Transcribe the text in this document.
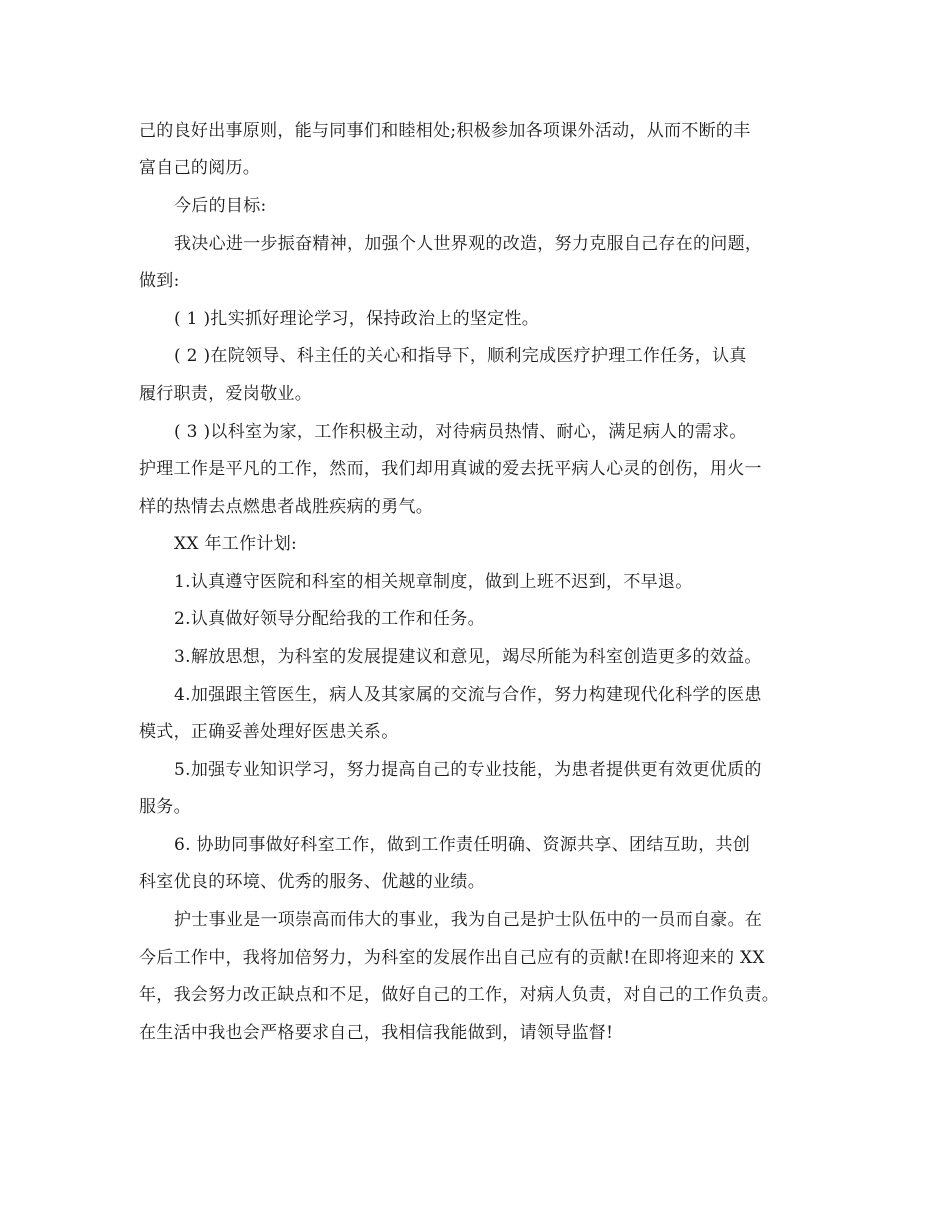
己的良好出事原则，能与同事们和睦相处;积极参加各项课外活动，从而不断的丰
富自己的阅历。
今后的目标:
我决心进一步振奋精神，加强个人世界观的改造，努力克服自己存在的问题，
做到:
( 1 )扎实抓好理论学习，保持政治上的坚定性。
( 2 )在院领导、科主任的关心和指导下，顺利完成医疗护理工作任务，认真
履行职责，爱岗敬业。
( 3 )以科室为家，工作积极主动，对待病员热情、耐心，满足病人的需求。
护理工作是平凡的工作，然而，我们却用真诚的爱去抚平病人心灵的创伤，用火一
样的热情去点燃患者战胜疾病的勇气。
XX 年工作计划:
1.认真遵守医院和科室的相关规章制度，做到上班不迟到，不早退。
2.认真做好领导分配给我的工作和任务。
3.解放思想，为科室的发展提建议和意见，竭尽所能为科室创造更多的效益。
4.加强跟主管医生，病人及其家属的交流与合作，努力构建现代化科学的医患
模式，正确妥善处理好医患关系。
5.加强专业知识学习，努力提高自己的专业技能，为患者提供更有效更优质的
服务。
6. 协助同事做好科室工作，做到工作责任明确、资源共享、团结互助，共创
科室优良的环境、优秀的服务、优越的业绩。
护士事业是一项崇高而伟大的事业，我为自己是护士队伍中的一员而自豪。在
今后工作中，我将加倍努力，为科室的发展作出自己应有的贡献!在即将迎来的 XX
年，我会努力改正缺点和不足，做好自己的工作，对病人负责，对自己的工作负责。
在生活中我也会严格要求自己，我相信我能做到，请领导监督!
